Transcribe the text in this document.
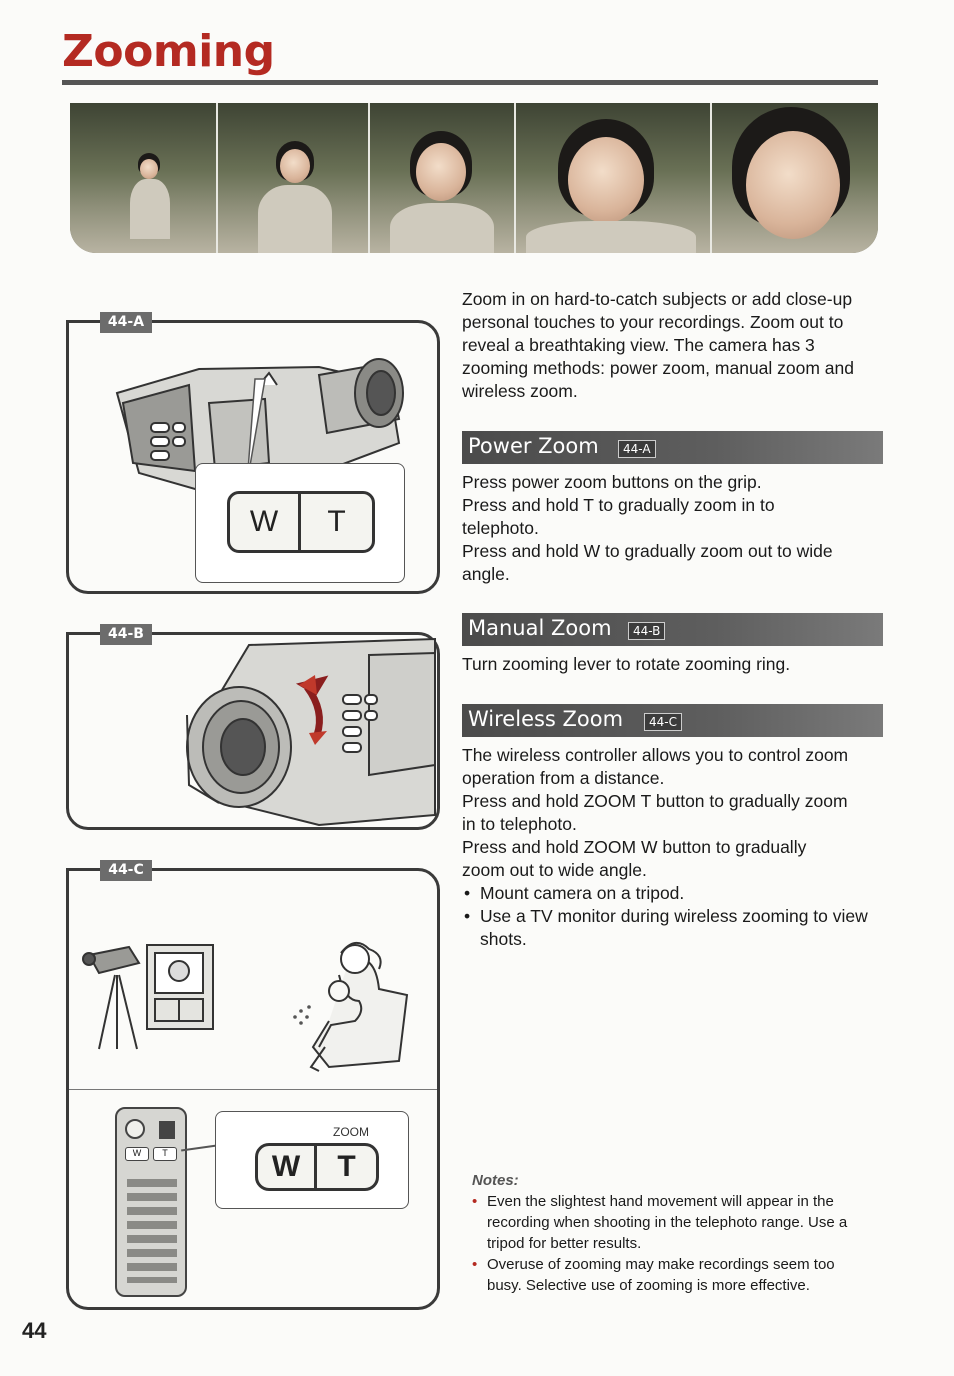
Zooming
W	T
44-A
44-B
W	T
ZOOM
W	T
44-C
Zoom in on hard-to-catch subjects or add close-up personal touches to your recordings. Zoom out to reveal a breathtaking view. The camera has 3 zooming methods: power zoom, manual zoom and wireless zoom.
Power Zoom	44-A
Press power zoom buttons on the grip.
Press and hold T to gradually zoom in to telephoto.
Press and hold W to gradually zoom out to wide angle.
Manual Zoom	44-B
Turn zooming lever to rotate zooming ring.
Wireless Zoom	44-C
The wireless controller allows you to control zoom operation from a distance.
Press and hold ZOOM T button to gradually zoom in to telephoto.
Press and hold ZOOM W button to gradually zoom out to wide angle.
• Mount camera on a tripod.
• Use a TV monitor during wireless zooming to view shots.
Notes:
• Even the slightest hand movement will appear in the recording when shooting in the telephoto range. Use a tripod for better results.
• Overuse of zooming may make recordings seem too busy. Selective use of zooming is more effective.
44
